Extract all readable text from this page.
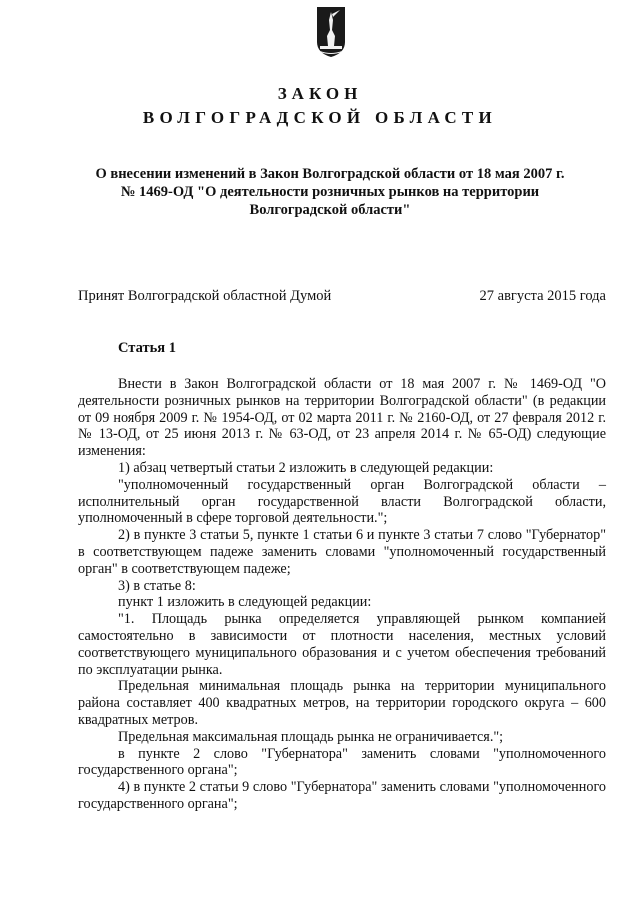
ЗАКОН
ВОЛГОГРАДСКОЙ ОБЛАСТИ
О внесении изменений в Закон Волгоградской области от 18 мая 2007 г.
№ 1469-ОД "О деятельности розничных рынков на территории
Волгоградской области"
Принят Волгоградской областной Думой	27 августа 2015 года
Статья 1

Внести в Закон Волгоградской области от 18 мая 2007 г. № 1469-ОД "О деятельности розничных рынков на территории Волгоградской области" (в редакции от 09 ноября 2009 г. № 1954-ОД, от 02 марта 2011 г. № 2160-ОД, от 27 февраля 2012 г. № 13-ОД, от 25 июня 2013 г. № 63-ОД, от 23 апреля 2014 г. № 65-ОД) следующие изменения:

1) абзац четвертый статьи 2 изложить в следующей редакции:

"уполномоченный государственный орган Волгоградской области – исполнительный орган государственной власти Волгоградской области, уполномоченный в сфере торговой деятельности.";

2) в пункте 3 статьи 5, пункте 1 статьи 6 и пункте 3 статьи 7 слово "Губернатор" в соответствующем падеже заменить словами "уполномоченный государственный орган" в соответствующем падеже;

3) в статье 8:

пункт 1 изложить в следующей редакции:

"1. Площадь рынка определяется управляющей рынком компанией самостоятельно в зависимости от плотности населения, местных условий соответствующего муниципального образования и с учетом обеспечения требований по эксплуатации рынка.

Предельная минимальная площадь рынка на территории муниципального района составляет 400 квадратных метров, на территории городского округа – 600 квадратных метров.

Предельная максимальная площадь рынка не ограничивается.";

в пункте 2 слово "Губернатора" заменить словами "уполномоченного государственного органа";

4) в пункте 2 статьи 9 слово "Губернатора" заменить словами "уполномоченного государственного органа";
